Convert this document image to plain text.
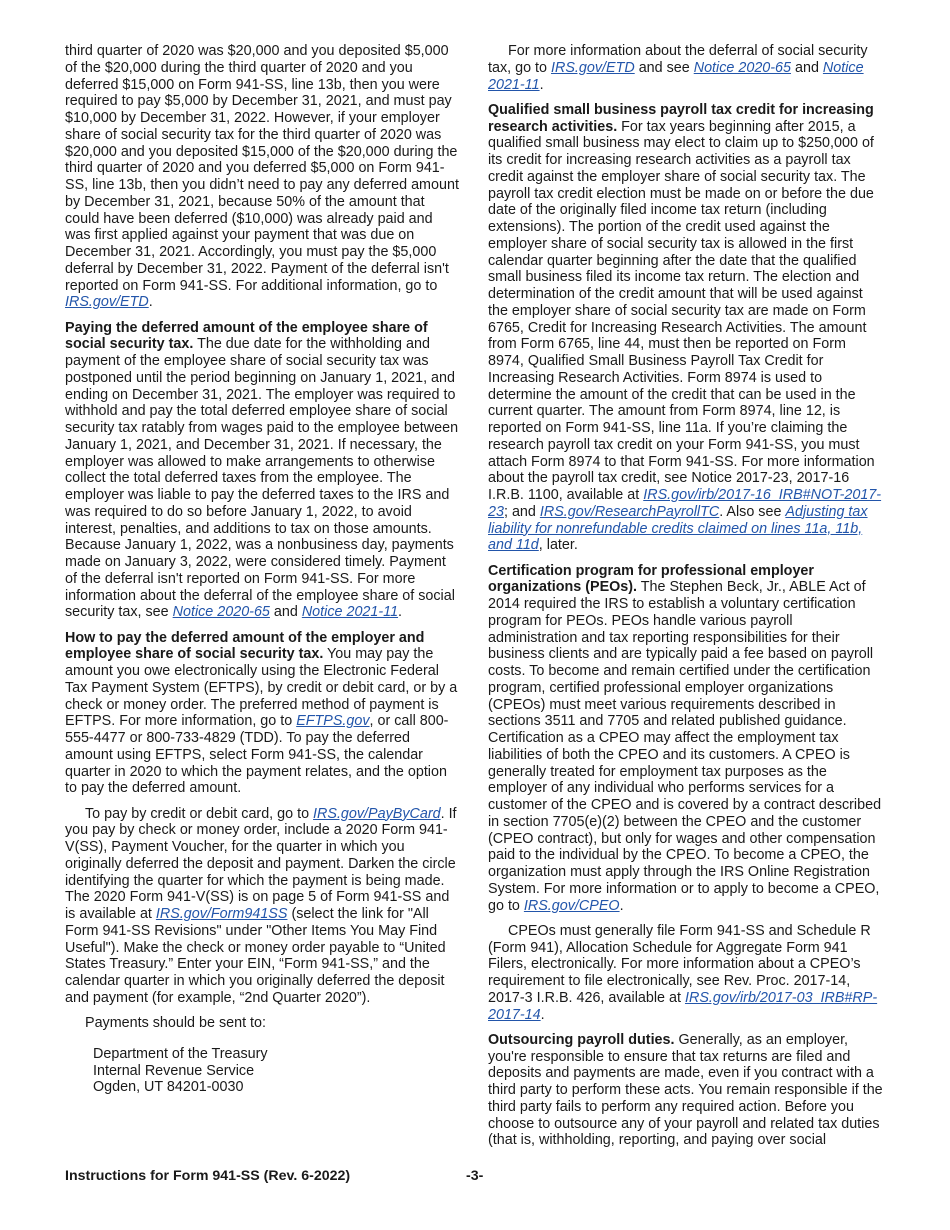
third quarter of 2020 was $20,000 and you deposited $5,000 of the $20,000 during the third quarter of 2020 and you deferred $15,000 on Form 941-SS, line 13b, then you were required to pay $5,000 by December 31, 2021, and must pay $10,000 by December 31, 2022. However, if your employer share of social security tax for the third quarter of 2020 was $20,000 and you deposited $15,000 of the $20,000 during the third quarter of 2020 and you deferred $5,000 on Form 941-SS, line 13b, then you didn’t need to pay any deferred amount by December 31, 2021, because 50% of the amount that could have been deferred ($10,000) was already paid and was first applied against your payment that was due on December 31, 2021. Accordingly, you must pay the $5,000 deferral by December 31, 2022. Payment of the deferral isn't reported on Form 941-SS. For additional information, go to IRS.gov/ETD.

Paying the deferred amount of the employee share of social security tax. The due date for the withholding and payment of the employee share of social security tax was postponed until the period beginning on January 1, 2021, and ending on December 31, 2021. The employer was required to withhold and pay the total deferred employee share of social security tax ratably from wages paid to the employee between January 1, 2021, and December 31, 2021. If necessary, the employer was allowed to make arrangements to otherwise collect the total deferred taxes from the employee. The employer was liable to pay the deferred taxes to the IRS and was required to do so before January 1, 2022, to avoid interest, penalties, and additions to tax on those amounts. Because January 1, 2022, was a nonbusiness day, payments made on January 3, 2022, were considered timely. Payment of the deferral isn't reported on Form 941-SS. For more information about the deferral of the employee share of social security tax, see Notice 2020-65 and Notice 2021-11.

How to pay the deferred amount of the employer and employee share of social security tax. You may pay the amount you owe electronically using the Electronic Federal Tax Payment System (EFTPS), by credit or debit card, or by a check or money order. The preferred method of payment is EFTPS. For more information, go to EFTPS.gov, or call 800-555-4477 or 800-733-4829 (TDD). To pay the deferred amount using EFTPS, select Form 941-SS, the calendar quarter in 2020 to which the payment relates, and the option to pay the deferred amount.

To pay by credit or debit card, go to IRS.gov/PayByCard. If you pay by check or money order, include a 2020 Form 941-V(SS), Payment Voucher, for the quarter in which you originally deferred the deposit and payment. Darken the circle identifying the quarter for which the payment is being made. The 2020 Form 941-V(SS) is on page 5 of Form 941-SS and is available at IRS.gov/Form941SS (select the link for "All Form 941-SS Revisions" under "Other Items You May Find Useful"). Make the check or money order payable to “United States Treasury.” Enter your EIN, “Form 941-SS,” and the calendar quarter in which you originally deferred the deposit and payment (for example, “2nd Quarter 2020”).

Payments should be sent to:

Department of the Treasury
Internal Revenue Service
Ogden, UT 84201-0030

For more information about the deferral of social security tax, go to IRS.gov/ETD and see Notice 2020-65 and Notice 2021-11.

Qualified small business payroll tax credit for increasing research activities. For tax years beginning after 2015, a qualified small business may elect to claim up to $250,000 of its credit for increasing research activities as a payroll tax credit against the employer share of social security tax. The payroll tax credit election must be made on or before the due date of the originally filed income tax return (including extensions). The portion of the credit used against the employer share of social security tax is allowed in the first calendar quarter beginning after the date that the qualified small business filed its income tax return. The election and determination of the credit amount that will be used against the employer share of social security tax are made on Form 6765, Credit for Increasing Research Activities. The amount from Form 6765, line 44, must then be reported on Form 8974, Qualified Small Business Payroll Tax Credit for Increasing Research Activities. Form 8974 is used to determine the amount of the credit that can be used in the current quarter. The amount from Form 8974, line 12, is reported on Form 941-SS, line 11a. If you’re claiming the research payroll tax credit on your Form 941-SS, you must attach Form 8974 to that Form 941-SS. For more information about the payroll tax credit, see Notice 2017-23, 2017-16 I.R.B. 1100, available at IRS.gov/irb/2017-16_IRB#NOT-2017-23; and IRS.gov/ResearchPayrollTC. Also see Adjusting tax liability for nonrefundable credits claimed on lines 11a, 11b, and 11d, later.

Certification program for professional employer organizations (PEOs). The Stephen Beck, Jr., ABLE Act of 2014 required the IRS to establish a voluntary certification program for PEOs. PEOs handle various payroll administration and tax reporting responsibilities for their business clients and are typically paid a fee based on payroll costs. To become and remain certified under the certification program, certified professional employer organizations (CPEOs) must meet various requirements described in sections 3511 and 7705 and related published guidance. Certification as a CPEO may affect the employment tax liabilities of both the CPEO and its customers. A CPEO is generally treated for employment tax purposes as the employer of any individual who performs services for a customer of the CPEO and is covered by a contract described in section 7705(e)(2) between the CPEO and the customer (CPEO contract), but only for wages and other compensation paid to the individual by the CPEO. To become a CPEO, the organization must apply through the IRS Online Registration System. For more information or to apply to become a CPEO, go to IRS.gov/CPEO.

CPEOs must generally file Form 941-SS and Schedule R (Form 941), Allocation Schedule for Aggregate Form 941 Filers, electronically. For more information about a CPEO’s requirement to file electronically, see Rev. Proc. 2017-14, 2017-3 I.R.B. 426, available at IRS.gov/irb/2017-03_IRB#RP-2017-14.

Outsourcing payroll duties. Generally, as an employer, you're responsible to ensure that tax returns are filed and deposits and payments are made, even if you contract with a third party to perform these acts. You remain responsible if the third party fails to perform any required action. Before you choose to outsource any of your payroll and related tax duties (that is, withholding, reporting, and paying over social

Instructions for Form 941-SS (Rev. 6-2022)	-3-
